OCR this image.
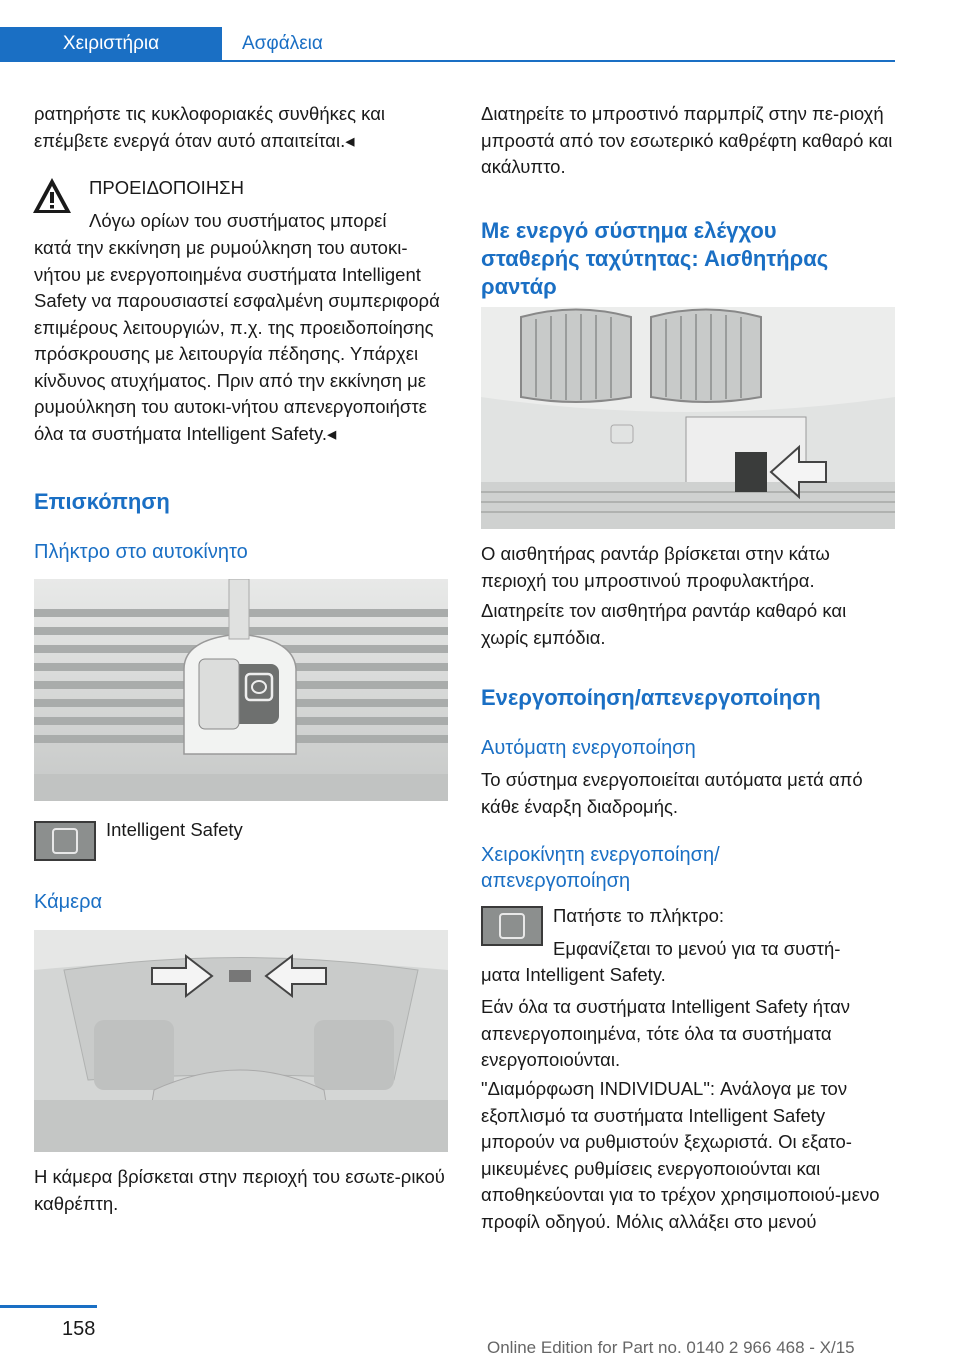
Χειριστήρια	Ασφάλεια

ρατηρήστε τις κυκλοφοριακές συνθήκες και επέμβετε ενεργά όταν αυτό απαιτείται.◂

ΠΡΟΕΙΔΟΠΟΙΗΣΗ

Λόγω ορίων του συστήματος μπορεί

κατά την εκκίνηση με ρυμούλκηση του αυτοκι-νήτου με ενεργοποιημένα συστήματα Intelligent Safety να παρουσιαστεί εσφαλμένη συμπεριφορά επιμέρους λειτουργιών, π.χ. της προειδοποίησης πρόσκρουσης με λειτουργία πέδησης. Υπάρχει κίνδυνος ατυχήματος. Πριν από την εκκίνηση με ρυμούλκηση του αυτοκι-νήτου απενεργοποιήστε όλα τα συστήματα Intelligent Safety.◂

Επισκόπηση
Πλήκτρο στο αυτοκίνητο

Intelligent Safety

Κάμερα

Η κάμερα βρίσκεται στην περιοχή του εσωτε-ρικού καθρέπτη.

Διατηρείτε το μπροστινό παρμπρίζ στην πε-ριοχή μπροστά από τον εσωτερικό καθρέφτη καθαρό και ακάλυπτο.

Με ενεργό σύστημα ελέγχου σταθερής ταχύτητας: Αισθητήρας ραντάρ

Ο αισθητήρας ραντάρ βρίσκεται στην κάτω περιοχή του μπροστινού προφυλακτήρα.

Διατηρείτε τον αισθητήρα ραντάρ καθαρό και χωρίς εμπόδια.

Ενεργοποίηση/απενεργοποίηση
Αυτόματη ενεργοποίηση

Το σύστημα ενεργοποιείται αυτόματα μετά από κάθε έναρξη διαδρομής.

Χειροκίνητη ενεργοποίηση/απενεργοποίηση

Πατήστε το πλήκτρο:

Εμφανίζεται το μενού για τα συστή-

ματα Intelligent Safety.

Εάν όλα τα συστήματα Intelligent Safety ήταν απενεργοποιημένα, τότε όλα τα συστήματα ενεργοποιούνται.

"Διαμόρφωση INDIVIDUAL": Ανάλογα με τον εξοπλισμό τα συστήματα Intelligent Safety μπορούν να ρυθμιστούν ξεχωριστά. Οι εξατο-μικευμένες ρυθμίσεις ενεργοποιούνται και αποθηκεύονται για το τρέχον χρησιμοποιού-μενο προφίλ οδηγού. Μόλις αλλάξει στο μενού

158
Online Edition for Part no. 0140 2 966 468 - X/15
